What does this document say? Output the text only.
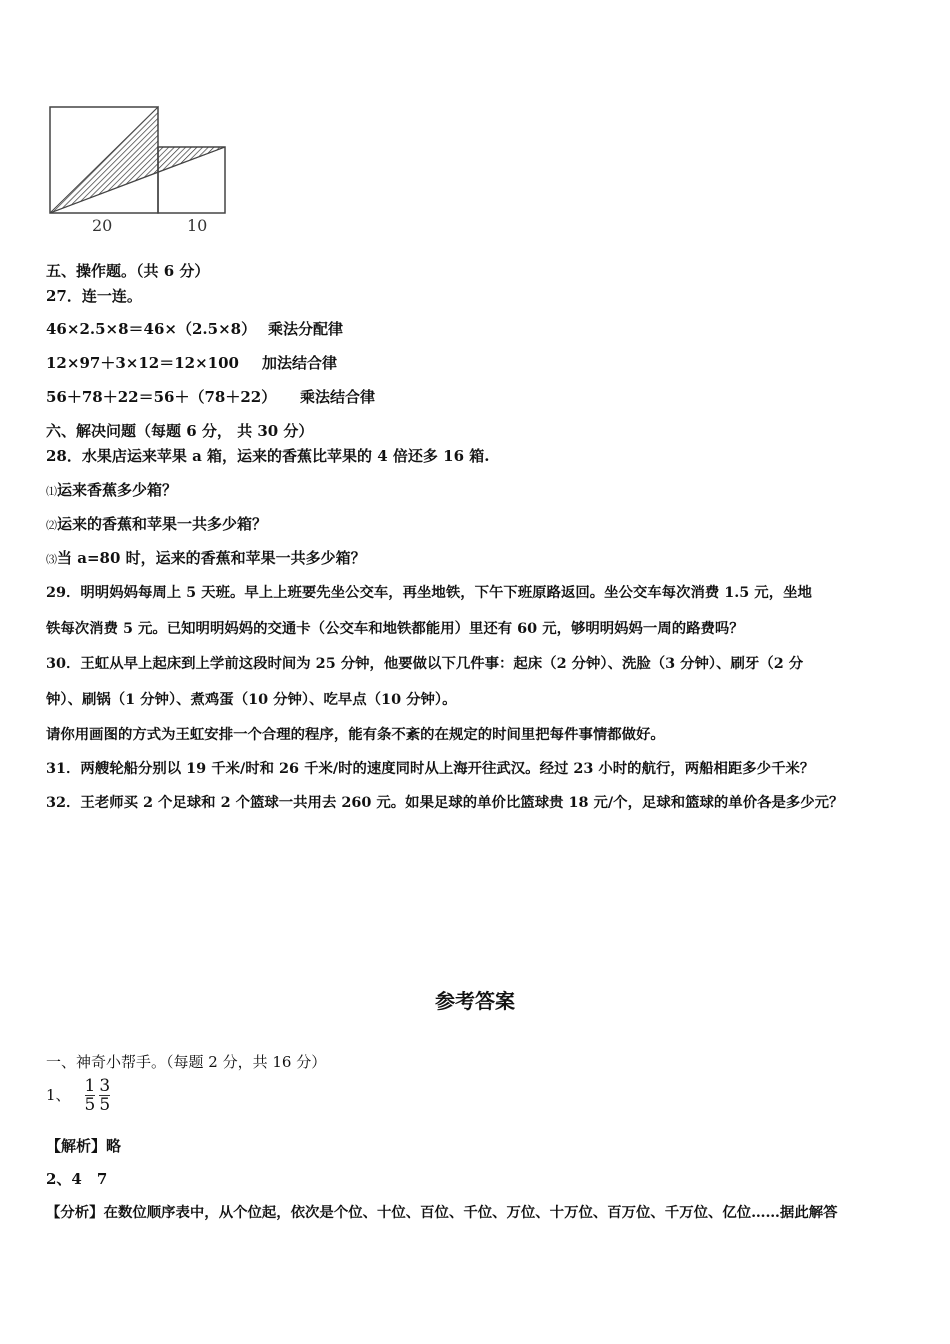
20	10
五、操作题。（共 6 分）
27．连一连。
46×2.5×8＝46×（2.5×8） 乘法分配律
12×97＋3×12＝12×100 加法结合律
56＋78＋22＝56＋（78＋22） 乘法结合律
六、解决问题（每题 6 分， 共 30 分）
28．水果店运来苹果 a 箱，运来的香蕉比苹果的 4 倍还多 16 箱.
⑴运来香蕉多少箱？
⑵运来的香蕉和苹果一共多少箱？
⑶当 a=80 时，运来的香蕉和苹果一共多少箱？
29．明明妈妈每周上 5 天班。早上上班要先坐公交车，再坐地铁，下午下班原路返回。坐公交车每次消费 1.5 元，坐地
铁每次消费 5 元。已知明明妈妈的交通卡（公交车和地铁都能用）里还有 60 元，够明明妈妈一周的路费吗？
30．王虹从早上起床到上学前这段时间为 25 分钟，他要做以下几件事：起床（2 分钟）、洗脸（3 分钟）、刷牙（2 分
钟）、刷锅（1 分钟）、煮鸡蛋（10 分钟）、吃早点（10 分钟）。
请你用画图的方式为王虹安排一个合理的程序，能有条不紊的在规定的时间里把每件事情都做好。
31．两艘轮船分别以 19 千米/时和 26 千米/时的速度同时从上海开往武汉。经过 23 小时的航行，两船相距多少千米？
32．王老师买 2 个足球和 2 个篮球一共用去 260 元。如果足球的单价比篮球贵 18 元/个，足球和篮球的单价各是多少元？
参考答案
一、神奇小帮手。（每题 2 分，共 16 分）
1、 $\frac{1}{5} \frac{3}{5}$
【解析】略
2、4　7
【分析】在数位顺序表中，从个位起，依次是个位、十位、百位、千位、万位、十万位、百万位、千万位、亿位……据此解答
